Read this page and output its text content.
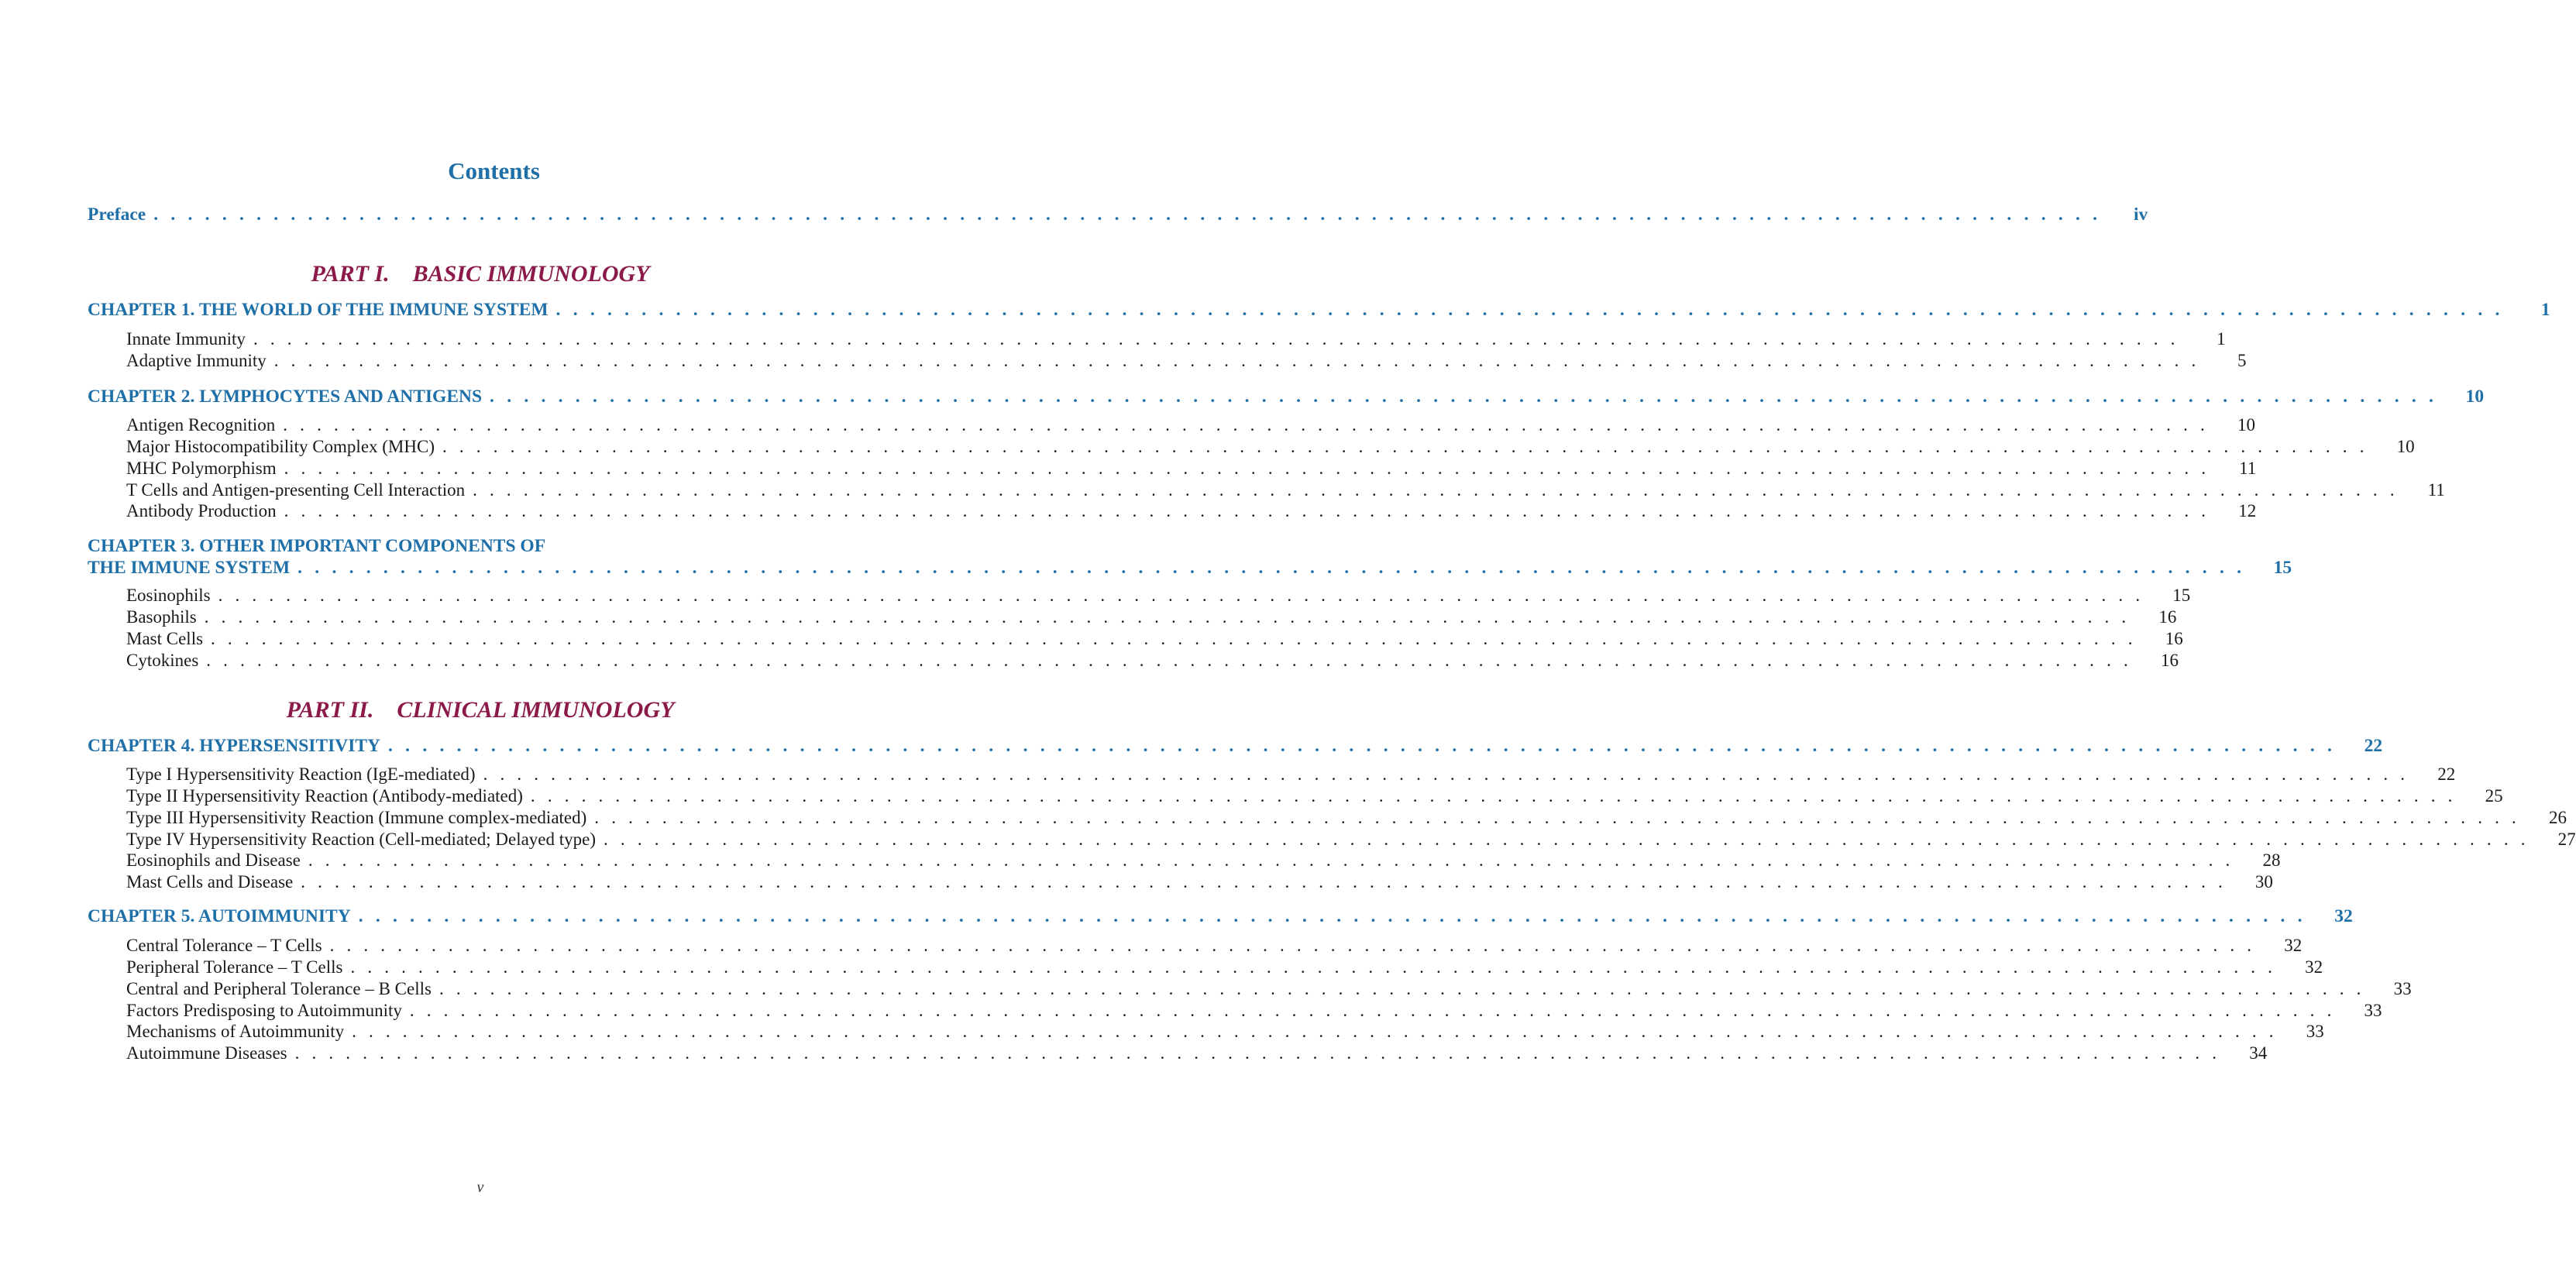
Contents
Preface . . . . . . . . . . . . . . . . . . . . . . . . . . . . . . . . . . . . . . . . . . . . . . . . . . . . . . . . . . . . . . . . . . . . . . . . . . . . . . . . . . . . . . . . . . . . . . . . . . . . . . . . . . . . . . . . . .	iv
PART I.    BASIC IMMUNOLOGY
CHAPTER 1. THE WORLD OF THE IMMUNE SYSTEM . . . . . . . . . . . . . . . . . . . . . . . . . . . . . . . . . . . . . . . . . . . . . . . . . . . . . . . . . . . . . . . . . . . . . . . . . . . . . . . . . . . . . . . . . . . . . . . . . . . . . . . . . . . . . . . . . .	1
Innate Immunity . . . . . . . . . . . . . . . . . . . . . . . . . . . . . . . . . . . . . . . . . . . . . . . . . . . . . . . . . . . . . . . . . . . . . . . . . . . . . . . . . . . . . . . . . . . . . . . . . . . . . . . . . . . . . . . . . .	1
Adaptive Immunity . . . . . . . . . . . . . . . . . . . . . . . . . . . . . . . . . . . . . . . . . . . . . . . . . . . . . . . . . . . . . . . . . . . . . . . . . . . . . . . . . . . . . . . . . . . . . . . . . . . . . . . . . . . . . . . . . .	5
CHAPTER 2. LYMPHOCYTES AND ANTIGENS . . . . . . . . . . . . . . . . . . . . . . . . . . . . . . . . . . . . . . . . . . . . . . . . . . . . . . . . . . . . . . . . . . . . . . . . . . . . . . . . . . . . . . . . . . . . . . . . . . . . . . . . . . . . . . . . . .	10
Antigen Recognition . . . . . . . . . . . . . . . . . . . . . . . . . . . . . . . . . . . . . . . . . . . . . . . . . . . . . . . . . . . . . . . . . . . . . . . . . . . . . . . . . . . . . . . . . . . . . . . . . . . . . . . . . . . . . . . . . .	10
Major Histocompatibility Complex (MHC) . . . . . . . . . . . . . . . . . . . . . . . . . . . . . . . . . . . . . . . . . . . . . . . . . . . . . . . . . . . . . . . . . . . . . . . . . . . . . . . . . . . . . . . . . . . . . . . . . . . . . . . . . . . . . . . . . .	10
MHC Polymorphism . . . . . . . . . . . . . . . . . . . . . . . . . . . . . . . . . . . . . . . . . . . . . . . . . . . . . . . . . . . . . . . . . . . . . . . . . . . . . . . . . . . . . . . . . . . . . . . . . . . . . . . . . . . . . . . . . .	11
T Cells and Antigen-presenting Cell Interaction . . . . . . . . . . . . . . . . . . . . . . . . . . . . . . . . . . . . . . . . . . . . . . . . . . . . . . . . . . . . . . . . . . . . . . . . . . . . . . . . . . . . . . . . . . . . . . . . . . . . . . . . . . . . . . . . . .	11
Antibody Production . . . . . . . . . . . . . . . . . . . . . . . . . . . . . . . . . . . . . . . . . . . . . . . . . . . . . . . . . . . . . . . . . . . . . . . . . . . . . . . . . . . . . . . . . . . . . . . . . . . . . . . . . . . . . . . . . .	12
CHAPTER 3. OTHER IMPORTANT COMPONENTS OF
THE IMMUNE SYSTEM . . . . . . . . . . . . . . . . . . . . . . . . . . . . . . . . . . . . . . . . . . . . . . . . . . . . . . . . . . . . . . . . . . . . . . . . . . . . . . . . . . . . . . . . . . . . . . . . . . . . . . . . . . . . . . . . . .	15
Eosinophils . . . . . . . . . . . . . . . . . . . . . . . . . . . . . . . . . . . . . . . . . . . . . . . . . . . . . . . . . . . . . . . . . . . . . . . . . . . . . . . . . . . . . . . . . . . . . . . . . . . . . . . . . . . . . . . . . .	15
Basophils . . . . . . . . . . . . . . . . . . . . . . . . . . . . . . . . . . . . . . . . . . . . . . . . . . . . . . . . . . . . . . . . . . . . . . . . . . . . . . . . . . . . . . . . . . . . . . . . . . . . . . . . . . . . . . . . . .	16
Mast Cells . . . . . . . . . . . . . . . . . . . . . . . . . . . . . . . . . . . . . . . . . . . . . . . . . . . . . . . . . . . . . . . . . . . . . . . . . . . . . . . . . . . . . . . . . . . . . . . . . . . . . . . . . . . . . . . . . .	16
Cytokines . . . . . . . . . . . . . . . . . . . . . . . . . . . . . . . . . . . . . . . . . . . . . . . . . . . . . . . . . . . . . . . . . . . . . . . . . . . . . . . . . . . . . . . . . . . . . . . . . . . . . . . . . . . . . . . . . .	16
PART II.    CLINICAL IMMUNOLOGY
CHAPTER 4. HYPERSENSITIVITY . . . . . . . . . . . . . . . . . . . . . . . . . . . . . . . . . . . . . . . . . . . . . . . . . . . . . . . . . . . . . . . . . . . . . . . . . . . . . . . . . . . . . . . . . . . . . . . . . . . . . . . . . . . . . . . . . .	22
Type I Hypersensitivity Reaction (IgE-mediated) . . . . . . . . . . . . . . . . . . . . . . . . . . . . . . . . . . . . . . . . . . . . . . . . . . . . . . . . . . . . . . . . . . . . . . . . . . . . . . . . . . . . . . . . . . . . . . . . . . . . . . . . . . . . . . . . . .	22
Type II Hypersensitivity Reaction (Antibody-mediated) . . . . . . . . . . . . . . . . . . . . . . . . . . . . . . . . . . . . . . . . . . . . . . . . . . . . . . . . . . . . . . . . . . . . . . . . . . . . . . . . . . . . . . . . . . . . . . . . . . . . . . . . . . . . . . . . . .	25
Type III Hypersensitivity Reaction (Immune complex-mediated) . . . . . . . . . . . . . . . . . . . . . . . . . . . . . . . . . . . . . . . . . . . . . . . . . . . . . . . . . . . . . . . . . . . . . . . . . . . . . . . . . . . . . . . . . . . . . . . . . . . . . . . . . . . . . . . . . .	26
Type IV Hypersensitivity Reaction (Cell-mediated; Delayed type) . . . . . . . . . . . . . . . . . . . . . . . . . . . . . . . . . . . . . . . . . . . . . . . . . . . . . . . . . . . . . . . . . . . . . . . . . . . . . . . . . . . . . . . . . . . . . . . . . . . . . . . . . . . . . . . . . .	27
Eosinophils and Disease . . . . . . . . . . . . . . . . . . . . . . . . . . . . . . . . . . . . . . . . . . . . . . . . . . . . . . . . . . . . . . . . . . . . . . . . . . . . . . . . . . . . . . . . . . . . . . . . . . . . . . . . . . . . . . . . . .	28
Mast Cells and Disease . . . . . . . . . . . . . . . . . . . . . . . . . . . . . . . . . . . . . . . . . . . . . . . . . . . . . . . . . . . . . . . . . . . . . . . . . . . . . . . . . . . . . . . . . . . . . . . . . . . . . . . . . . . . . . . . . .	30
CHAPTER 5. AUTOIMMUNITY . . . . . . . . . . . . . . . . . . . . . . . . . . . . . . . . . . . . . . . . . . . . . . . . . . . . . . . . . . . . . . . . . . . . . . . . . . . . . . . . . . . . . . . . . . . . . . . . . . . . . . . . . . . . . . . . . .	32
Central Tolerance – T Cells . . . . . . . . . . . . . . . . . . . . . . . . . . . . . . . . . . . . . . . . . . . . . . . . . . . . . . . . . . . . . . . . . . . . . . . . . . . . . . . . . . . . . . . . . . . . . . . . . . . . . . . . . . . . . . . . . .	32
Peripheral Tolerance – T Cells . . . . . . . . . . . . . . . . . . . . . . . . . . . . . . . . . . . . . . . . . . . . . . . . . . . . . . . . . . . . . . . . . . . . . . . . . . . . . . . . . . . . . . . . . . . . . . . . . . . . . . . . . . . . . . . . . .	32
Central and Peripheral Tolerance – B Cells . . . . . . . . . . . . . . . . . . . . . . . . . . . . . . . . . . . . . . . . . . . . . . . . . . . . . . . . . . . . . . . . . . . . . . . . . . . . . . . . . . . . . . . . . . . . . . . . . . . . . . . . . . . . . . . . . .	33
Factors Predisposing to Autoimmunity . . . . . . . . . . . . . . . . . . . . . . . . . . . . . . . . . . . . . . . . . . . . . . . . . . . . . . . . . . . . . . . . . . . . . . . . . . . . . . . . . . . . . . . . . . . . . . . . . . . . . . . . . . . . . . . . . .	33
Mechanisms of Autoimmunity . . . . . . . . . . . . . . . . . . . . . . . . . . . . . . . . . . . . . . . . . . . . . . . . . . . . . . . . . . . . . . . . . . . . . . . . . . . . . . . . . . . . . . . . . . . . . . . . . . . . . . . . . . . . . . . . . .	33
Autoimmune Diseases . . . . . . . . . . . . . . . . . . . . . . . . . . . . . . . . . . . . . . . . . . . . . . . . . . . . . . . . . . . . . . . . . . . . . . . . . . . . . . . . . . . . . . . . . . . . . . . . . . . . . . . . . . . . . . . . . .	34
v
